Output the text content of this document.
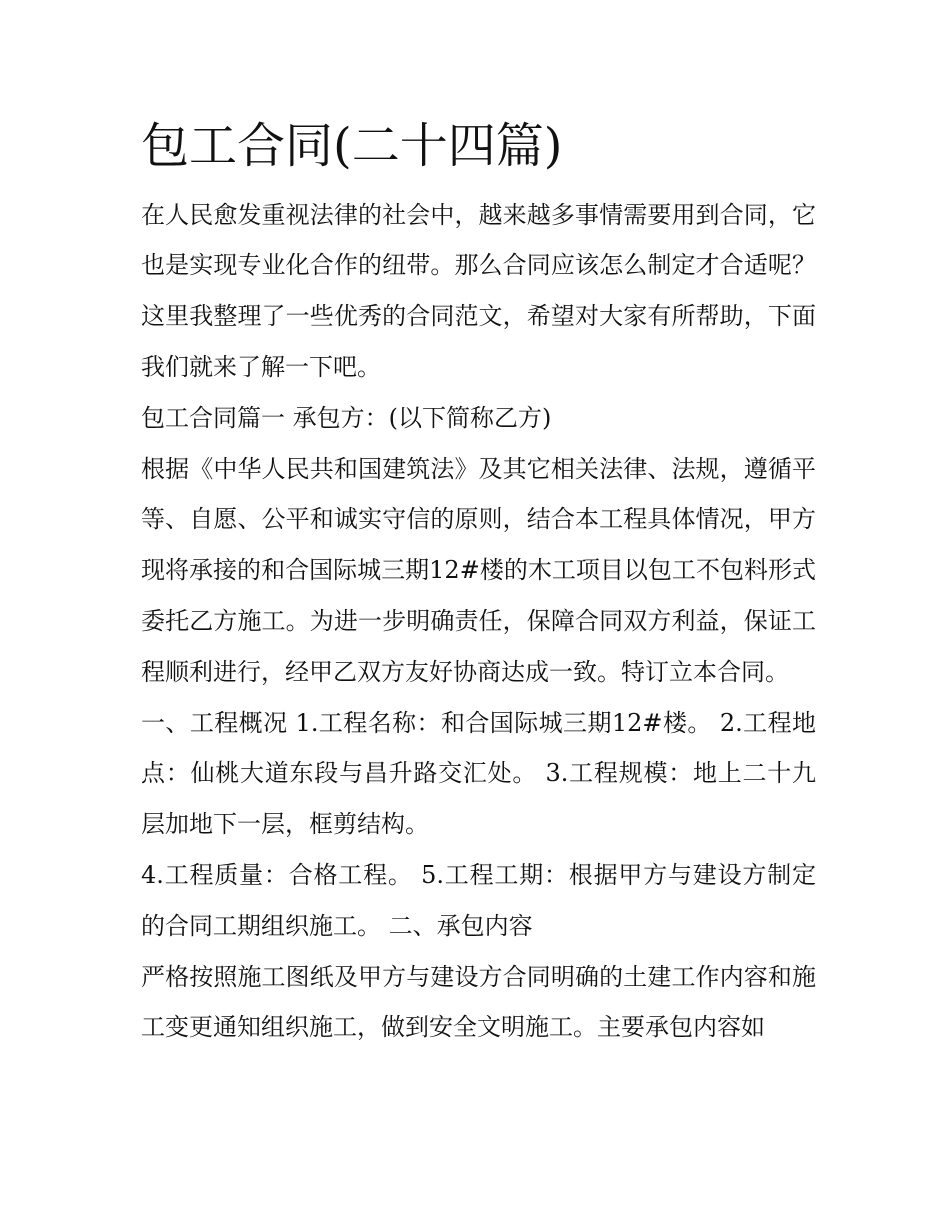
包工合同(二十四篇)

在人民愈发重视法律的社会中，越来越多事情需要用到合同，它也是实现专业化合作的纽带。那么合同应该怎么制定才合适呢？这里我整理了一些优秀的合同范文，希望对大家有所帮助，下面我们就来了解一下吧。

包工合同篇一 承包方：(以下简称乙方)

根据《中华人民共和国建筑法》及其它相关法律、法规，遵循平等、自愿、公平和诚实守信的原则，结合本工程具体情况，甲方现将承接的和合国际城三期12#楼的木工项目以包工不包料形式委托乙方施工。为进一步明确责任，保障合同双方利益，保证工程顺利进行，经甲乙双方友好协商达成一致。特订立本合同。

一、工程概况 1.工程名称：和合国际城三期12#楼。 2.工程地点：仙桃大道东段与昌升路交汇处。 3.工程规模：地上二十九层加地下一层，框剪结构。

4.工程质量：合格工程。 5.工程工期：根据甲方与建设方制定的合同工期组织施工。 二、承包内容

严格按照施工图纸及甲方与建设方合同明确的土建工作内容和施工变更通知组织施工，做到安全文明施工。主要承包内容如
